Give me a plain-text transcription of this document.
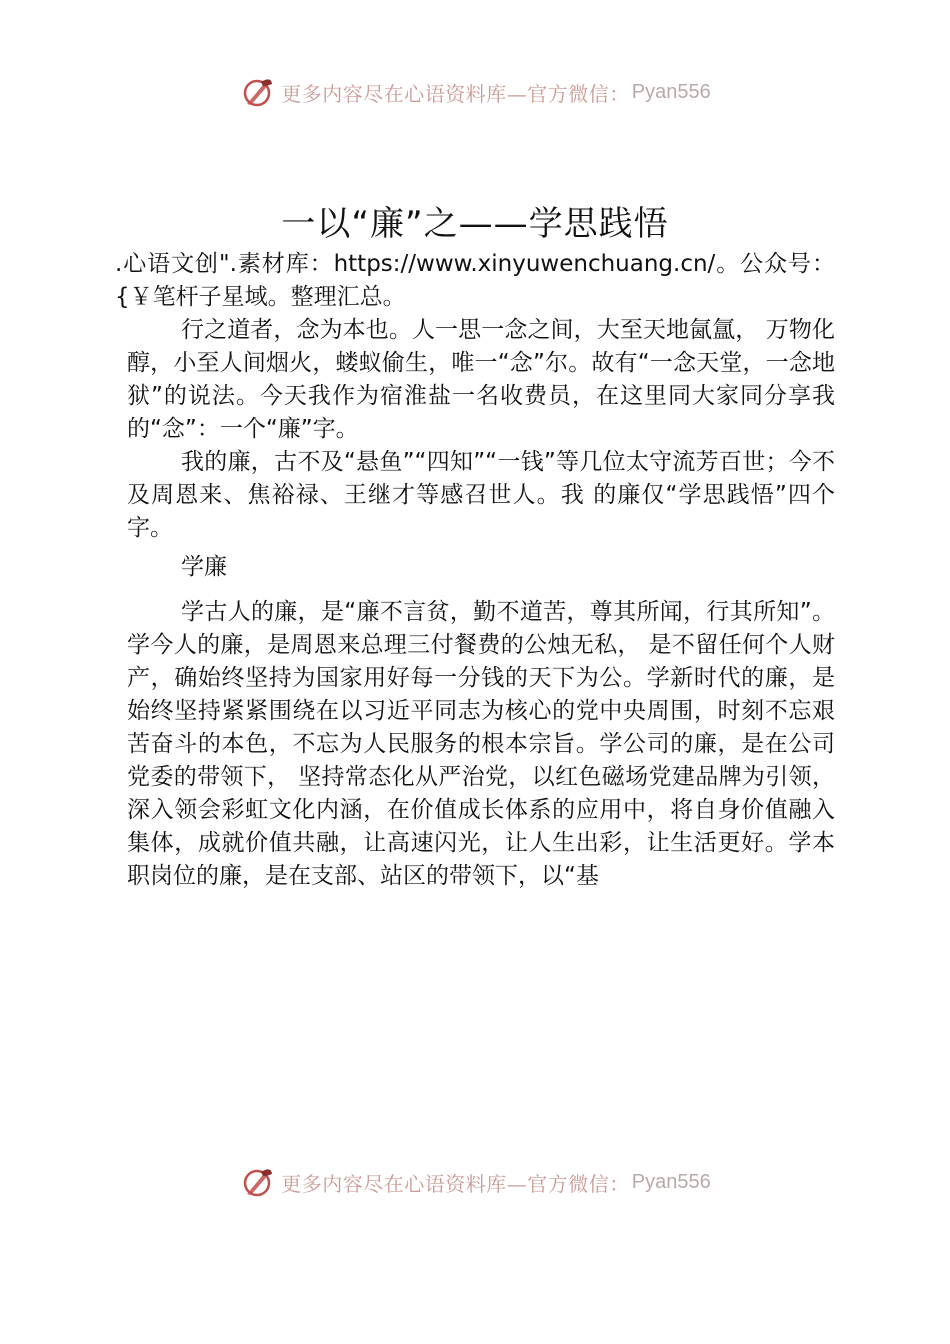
更多内容尽在心语资料库—官方微信： Pyan556
一以“廉”之——学思践悟

.心语文创".素材库：https://www.xinyuwenchuang.cn/。公众号：{￥笔杆子星域。整理汇总。

行之道者，念为本也。人一思一念之间，大至天地氤氲， 万物化醇，小至人间烟火，蝼蚁偷生，唯一“念”尔。故有“一念天堂，一念地狱”的说法。今天我作为宿淮盐一名收费员，在这里同大家同分享我的“念”：一个“廉”字。

我的廉，古不及“悬鱼”“四知”“一钱”等几位太守流芳百世；今不及周恩来、焦裕禄、王继才等感召世人。我 的廉仅“学思践悟”四个字。

学廉

学古人的廉，是“廉不言贫，勤不道苦，尊其所闻，行其所知”。学今人的廉，是周恩来总理三付餐费的公烛无私， 是不留任何个人财产，确始终坚持为国家用好每一分钱的天下为公。学新时代的廉，是始终坚持紧紧围绕在以习近平同志为核心的党中央周围，时刻不忘艰苦奋斗的本色，不忘为人民服务的根本宗旨。学公司的廉，是在公司党委的带领下， 坚持常态化从严治党，以红色磁场党建品牌为引领，深入领会彩虹文化内涵，在价值成长体系的应用中，将自身价值融入集体，成就价值共融，让高速闪光，让人生出彩，让生活更好。学本职岗位的廉，是在支部、站区的带领下，以“基

更多内容尽在心语资料库—官方微信： Pyan556
